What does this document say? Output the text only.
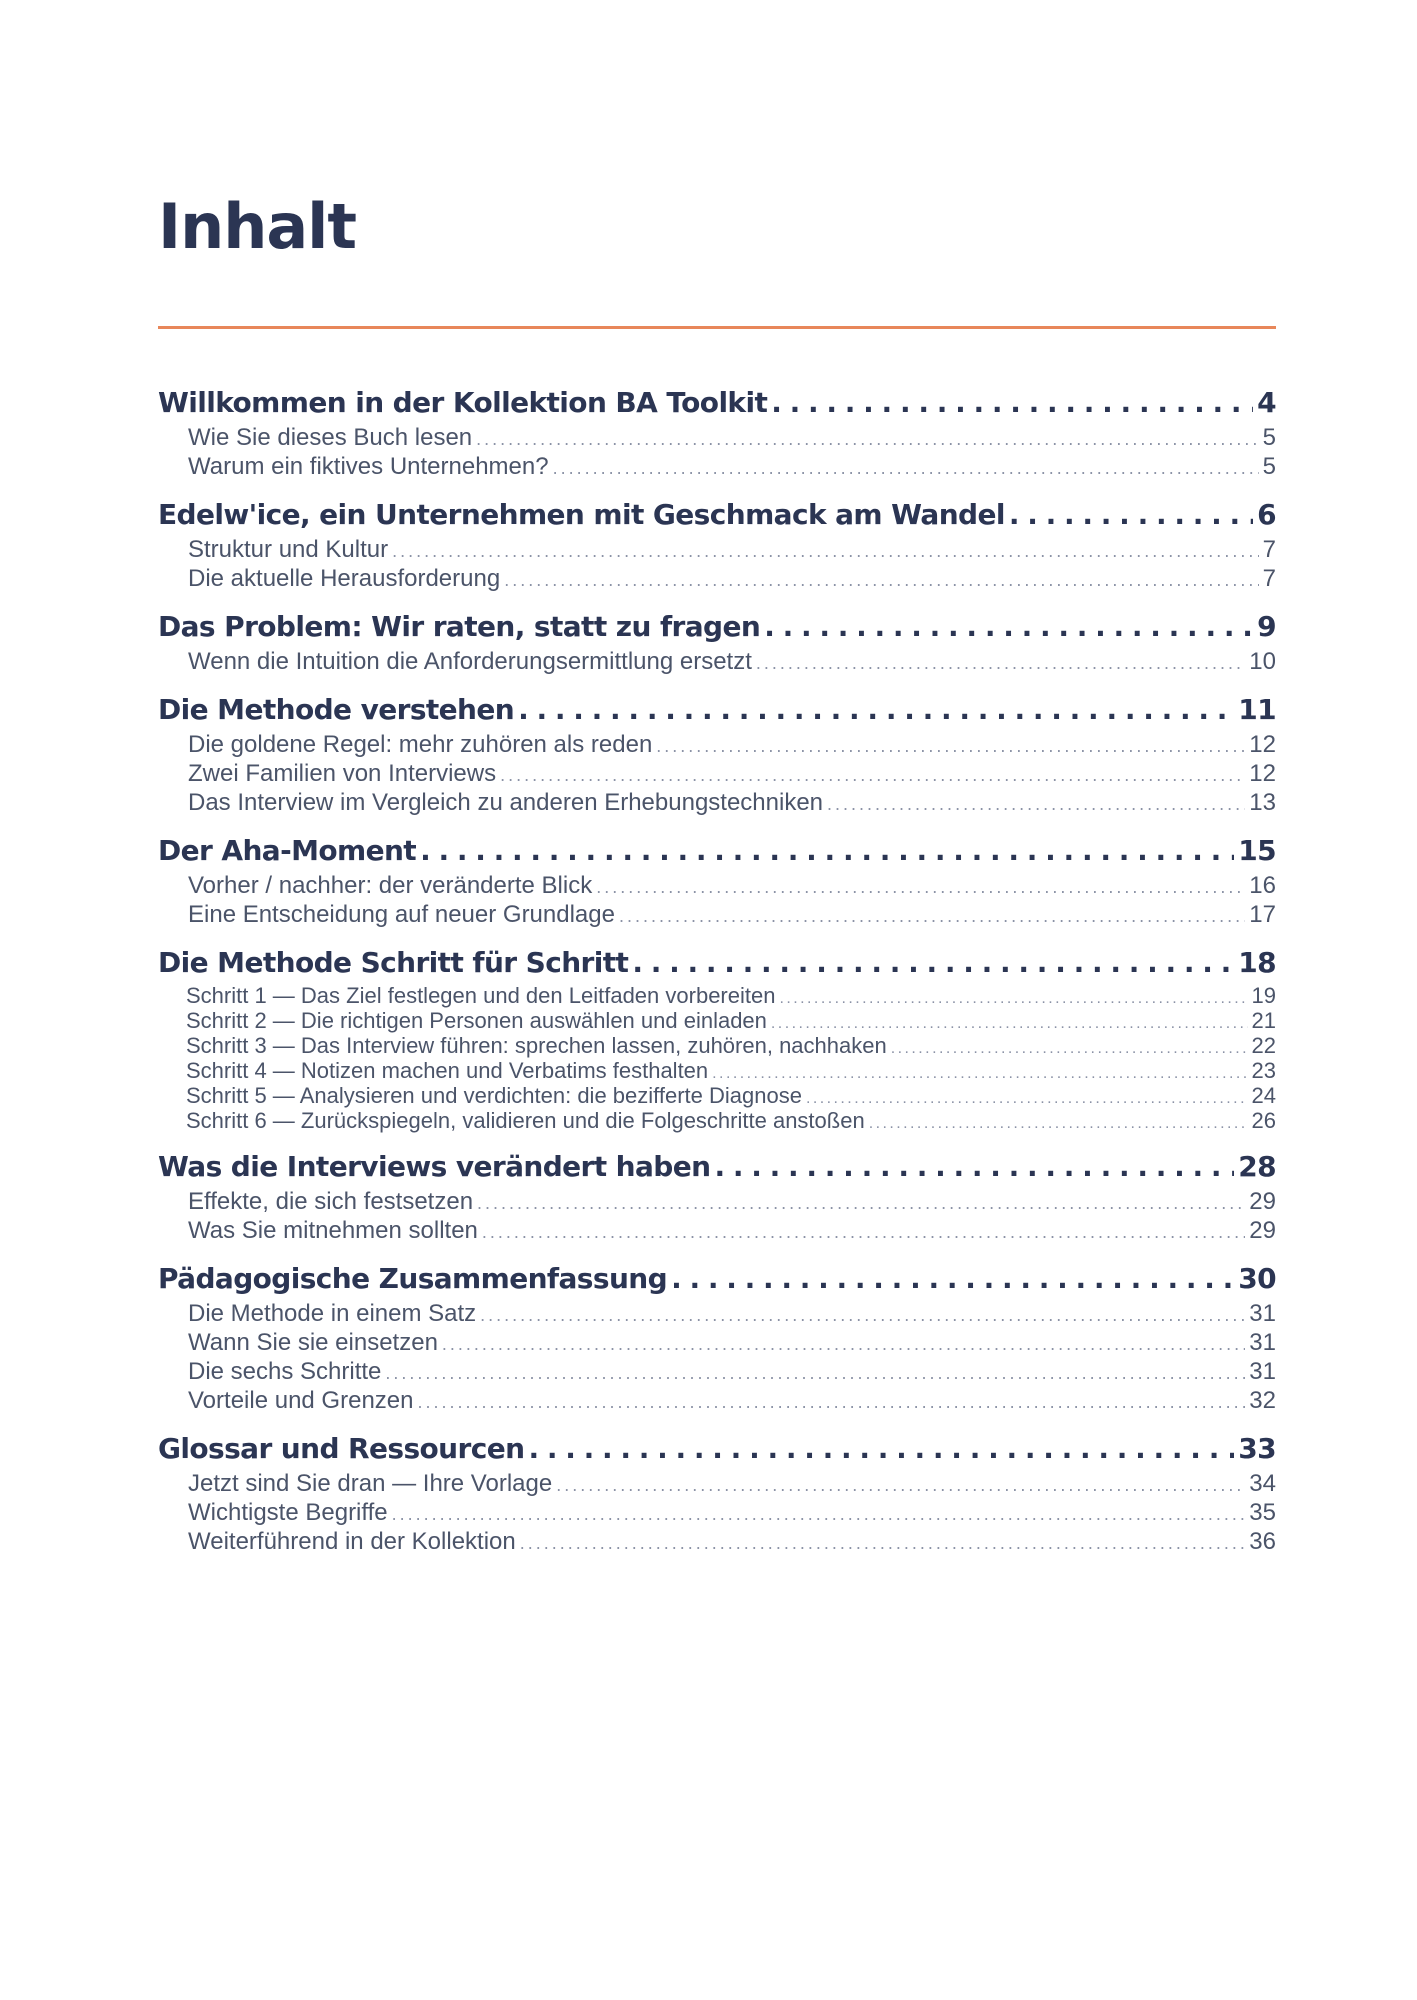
Inhalt
Willkommen in der Kollektion BA Toolkit . . .	4
Wie Sie dieses Buch lesen . . .	5
Warum ein fiktives Unternehmen? . . .	5
Edelw'ice, ein Unternehmen mit Geschmack am Wandel . . .	6
Struktur und Kultur . . .	7
Die aktuelle Herausforderung . . .	7
Das Problem: Wir raten, statt zu fragen . . .	9
Wenn die Intuition die Anforderungsermittlung ersetzt . . .	10
Die Methode verstehen . . .	11
Die goldene Regel: mehr zuhören als reden . . .	12
Zwei Familien von Interviews . . .	12
Das Interview im Vergleich zu anderen Erhebungstechniken . . .	13
Der Aha-Moment . . .	15
Vorher / nachher: der veränderte Blick . . .	16
Eine Entscheidung auf neuer Grundlage . . .	17
Die Methode Schritt für Schritt . . .	18
Schritt 1 — Das Ziel festlegen und den Leitfaden vorbereiten . . .	19
Schritt 2 — Die richtigen Personen auswählen und einladen . . .	21
Schritt 3 — Das Interview führen: sprechen lassen, zuhören, nachhaken . . .	22
Schritt 4 — Notizen machen und Verbatims festhalten . . .	23
Schritt 5 — Analysieren und verdichten: die bezifferte Diagnose . . .	24
Schritt 6 — Zurückspiegeln, validieren und die Folgeschritte anstoßen . . .	26
Was die Interviews verändert haben . . .	28
Effekte, die sich festsetzen . . .	29
Was Sie mitnehmen sollten . . .	29
Pädagogische Zusammenfassung . . .	30
Die Methode in einem Satz . . .	31
Wann Sie sie einsetzen . . .	31
Die sechs Schritte . . .	31
Vorteile und Grenzen . . .	32
Glossar und Ressourcen . . .	33
Jetzt sind Sie dran — Ihre Vorlage . . .	34
Wichtigste Begriffe . . .	35
Weiterführend in der Kollektion . . .	36
